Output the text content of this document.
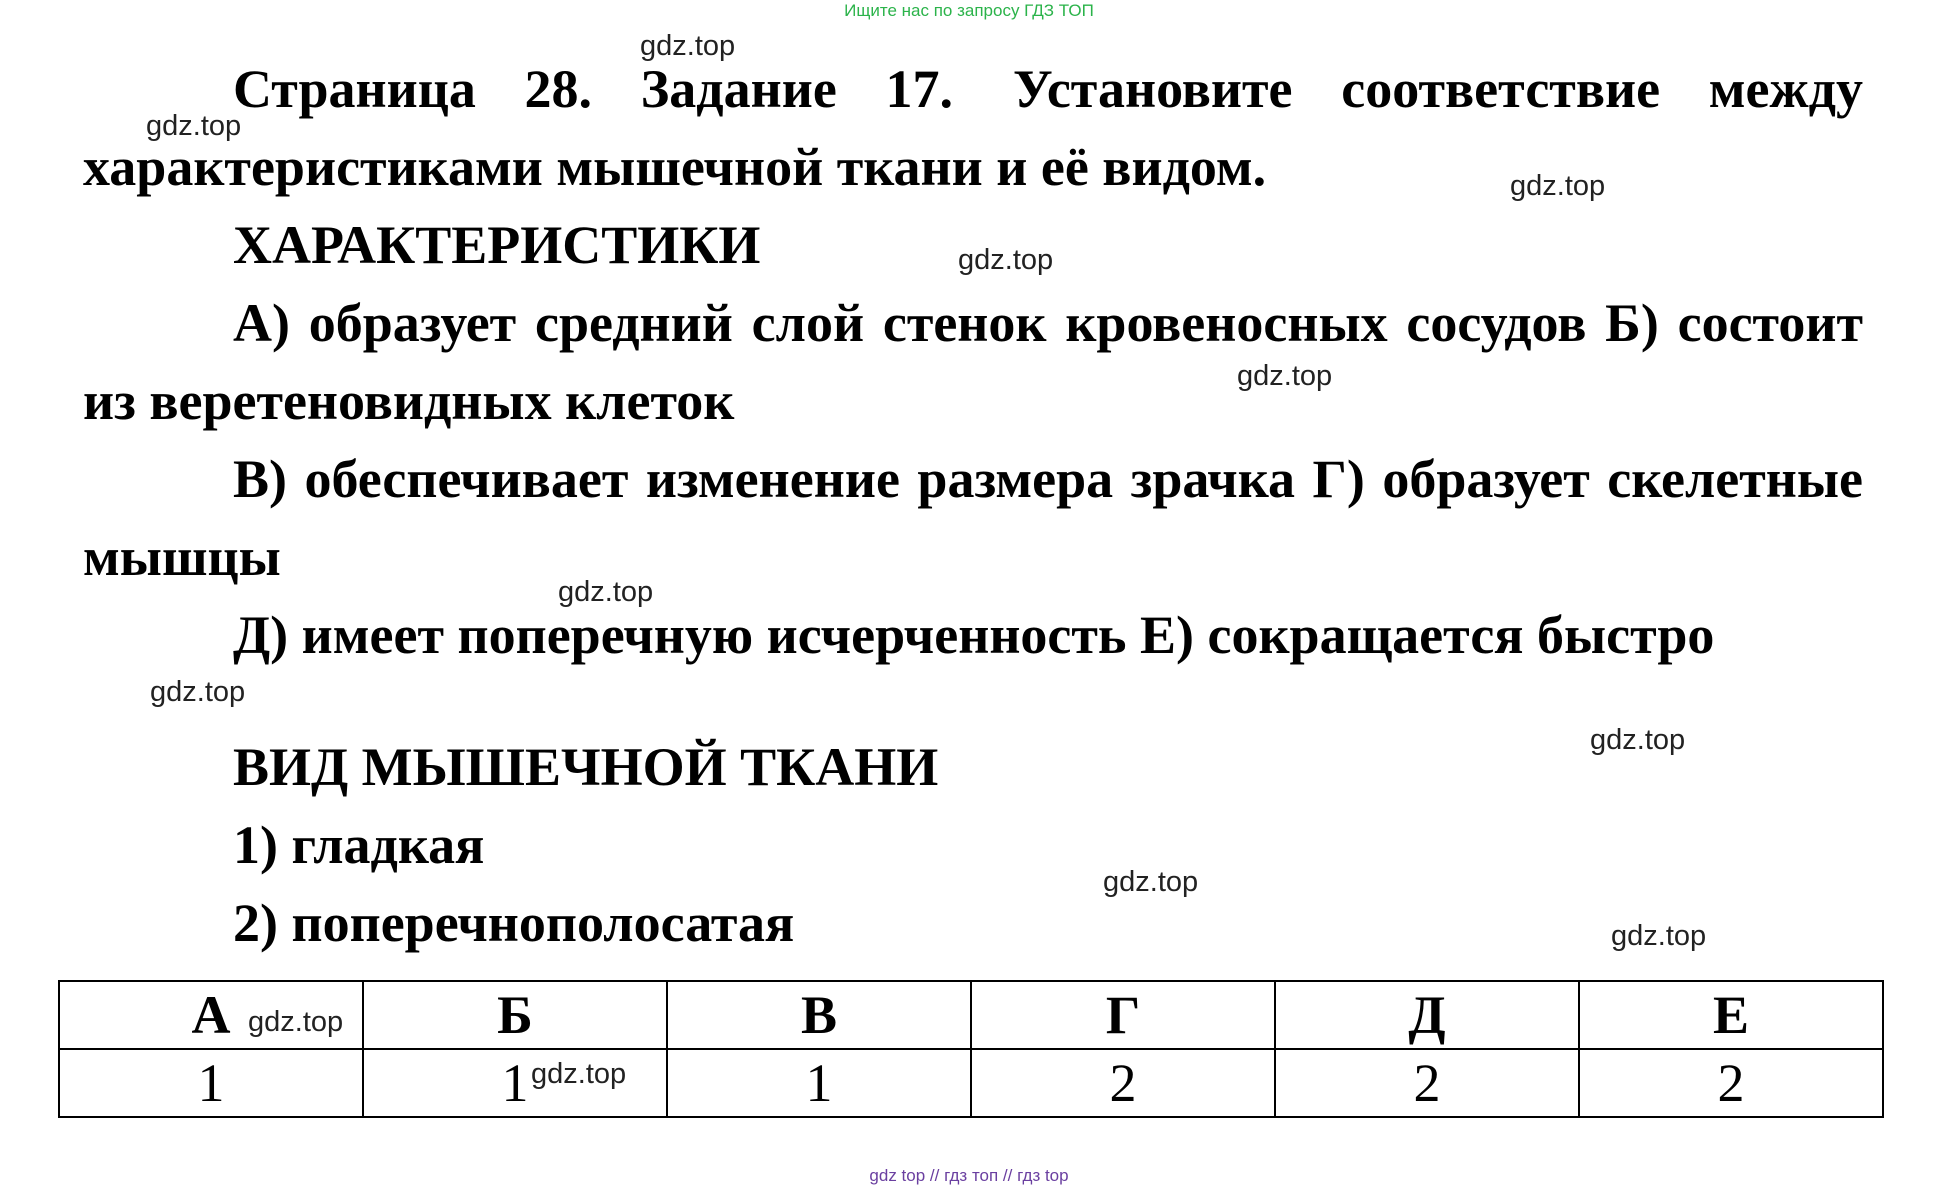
Ищите нас по запросу ГДЗ ТОП

Страница 28. Задание 17. Установите соответствие между характеристиками мышечной ткани и её видом.

ХАРАКТЕРИСТИКИ

А) образует средний слой стенок кровеносных сосудов Б) состоит из веретеновидных клеток

В) обеспечивает изменение размера зрачка Г) образует скелетные мышцы

Д) имеет поперечную исчерченность Е) сокращается быстро

ВИД МЫШЕЧНОЙ ТКАНИ

1) гладкая

2) поперечнополосатая

А	Б	В	Г	Д	Е
1	1	1	2	2	2
gdz.top
gdz.top
gdz.top
gdz.top
gdz.top
gdz.top
gdz.top
gdz.top
gdz.top
gdz.top
gdz.top
gdz.top
gdz top // гдз топ // гдз top
